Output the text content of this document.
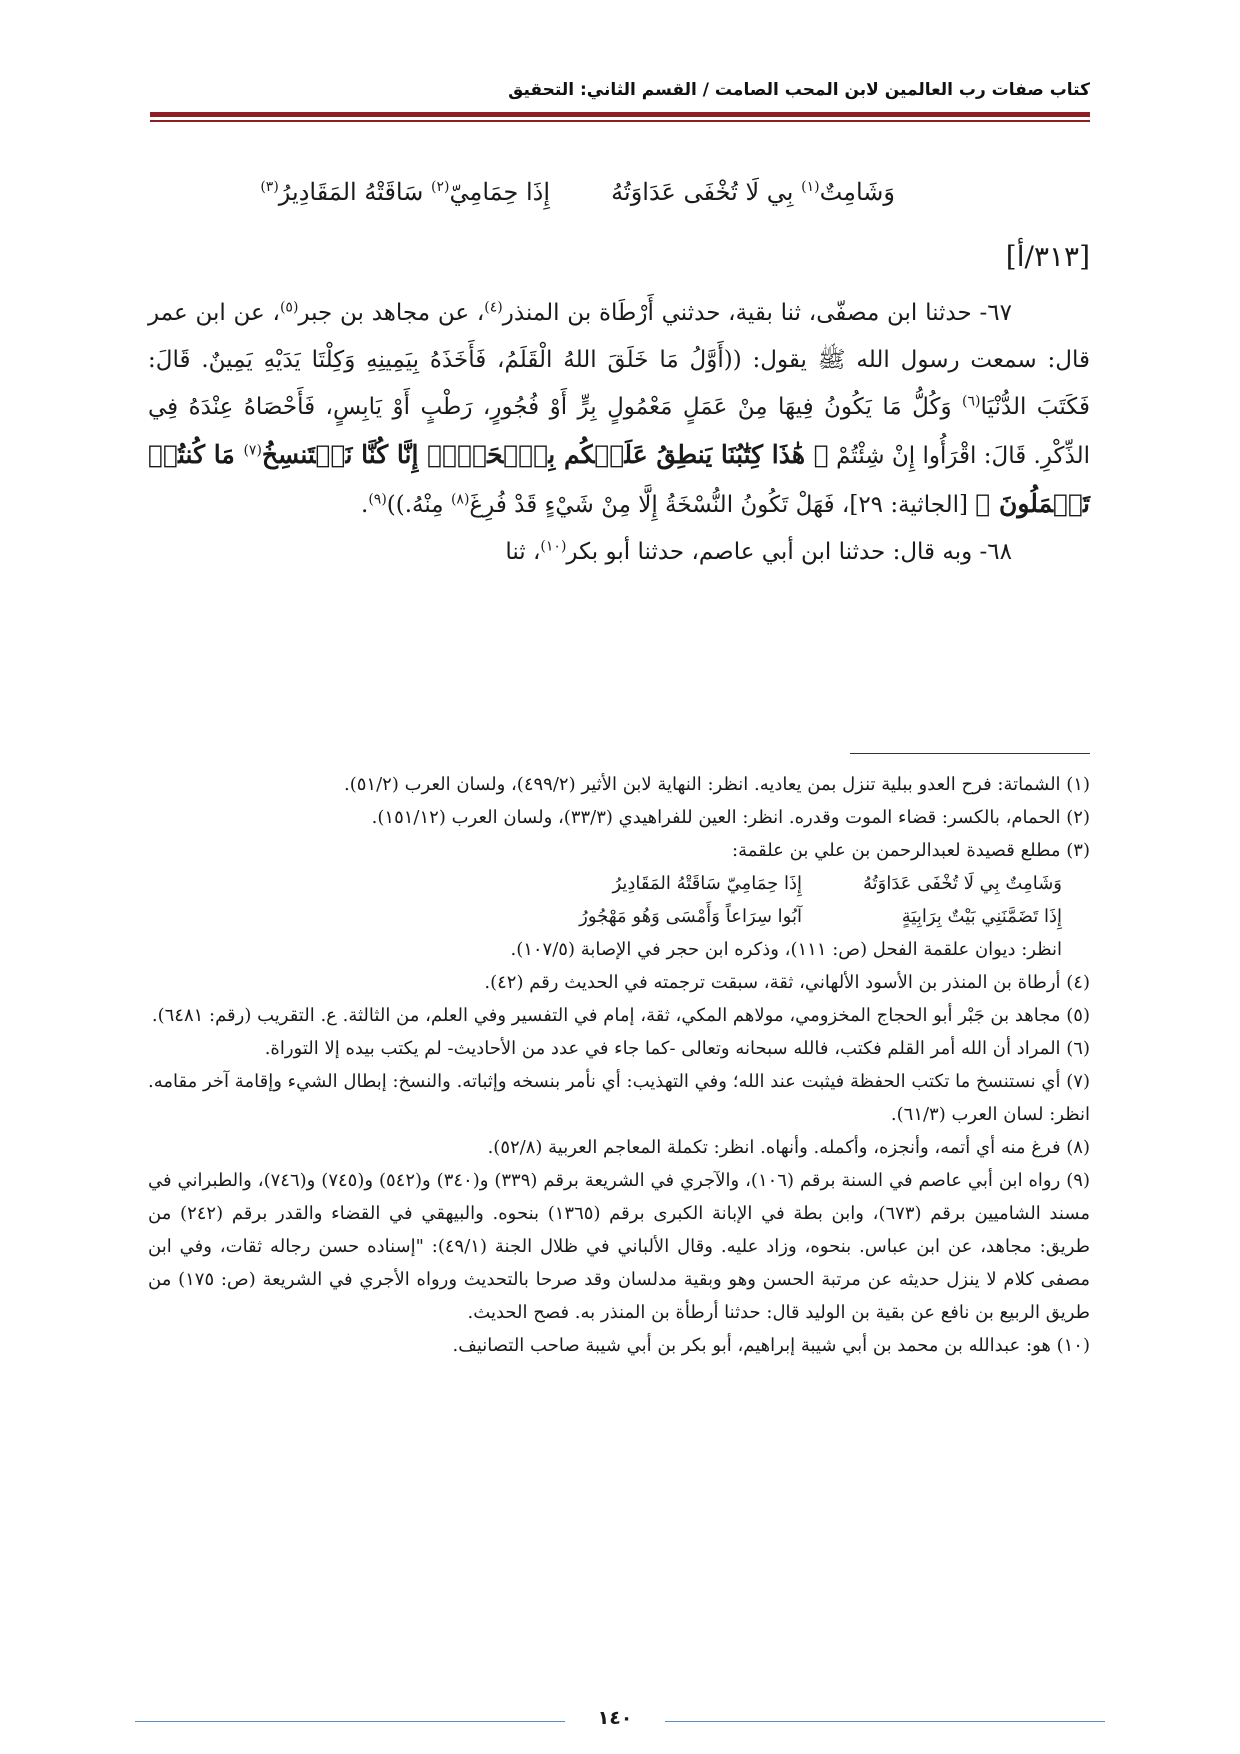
كتاب صفات رب العالمين لابن المحب الصامت / القسم الثاني: التحقيق
وَشَامِتٌ$^{(١)}$ بِي لَا تُخْفَى عَدَاوَتُهُ
إِذَا حِمَامِيّ$^{(٢)}$ سَاقَتْهُ المَقَادِيرُ$^{(٣)}$
[٣١٣/أ]

٦٧- حدثنا ابن مصفّى، ثنا بقية، حدثني أَرْطَاة بن المنذر$^{(٤)}$، عن مجاهد بن جبر$^{(٥)}$، عن ابن عمر قال: سمعت رسول الله ﷺ يقول: ((أَوَّلُ مَا خَلَقَ اللهُ الْقَلَمُ، فَأَخَذَهُ بِيَمِينِهِ وَكِلْتَا يَدَيْهِ يَمِينٌ. قَالَ: فَكَتَبَ الدُّنْيَا$^{(٦)}$ وَكُلُّ مَا يَكُونُ فِيهَا مِنْ عَمَلٍ مَعْمُولٍ بِرٍّ أَوْ فُجُورٍ، رَطْبٍ أَوْ يَابِسٍ، فَأَحْصَاهُ عِنْدَهُ فِي الذِّكْرِ. قَالَ: اقْرَأُوا إِنْ شِئْتُمْ ﴿ هَٰذَا كِتَٰبُنَا يَنطِقُ عَلَيۡكُم بِٱلۡحَقِّۚ إِنَّا كُنَّا نَسۡتَنسِخُ$^{(٧)}$ مَا كُنتُمۡ تَعۡمَلُونَ ﴾ [الجاثية: ٢٩]، فَهَلْ تَكُونُ النُّسْخَةُ إِلَّا مِنْ شَيْءٍ قَدْ فُرِغَ$^{(٨)}$ مِنْهُ.))$^{(٩)}$.

٦٨- وبه قال: حدثنا ابن أبي عاصم، حدثنا أبو بكر$^{(١٠)}$، ثنا

(١) الشماتة: فرح العدو ببلية تنزل بمن يعاديه. انظر: النهاية لابن الأثير (٤٩٩/٢)، ولسان العرب (٥١/٢).

(٢) الحمام، بالكسر: قضاء الموت وقدره. انظر: العين للفراهيدي (٣٣/٣)، ولسان العرب (١٥١/١٢).

(٣) مطلع قصيدة لعبدالرحمن بن علي بن علقمة:

وَشَامِتٌ بِي لَا تُخْفَى عَدَاوَتُهُإِذَا حِمَامِيّ سَاقَتْهُ المَقَادِيرُ

إِذَا تَضَمَّنَنِي بَيْتٌ بِرَابِيَةٍآبُوا سِرَاعاً وَأَمْسَى وَهُو مَهْجُورُ

انظر: ديوان علقمة الفحل (ص: ١١١)، وذكره ابن حجر في الإصابة (١٠٧/٥).

(٤) أرطاة بن المنذر بن الأسود الألهاني، ثقة، سبقت ترجمته في الحديث رقم (٤٢).

(٥) مجاهد بن جَبْر أبو الحجاج المخزومي، مولاهم المكي، ثقة، إمام في التفسير وفي العلم، من الثالثة. ع. التقريب (رقم: ٦٤٨١).

(٦) المراد أن الله أمر القلم فكتب، فالله سبحانه وتعالى -كما جاء في عدد من الأحاديث- لم يكتب بيده إلا التوراة.

(٧) أي نستنسخ ما تكتب الحفظة فيثبت عند الله؛ وفي التهذيب: أي نأمر بنسخه وإثباته. والنسخ: إبطال الشيء وإقامة آخر مقامه. انظر: لسان العرب (٦١/٣).

(٨) فرغ منه أي أتمه، وأنجزه، وأكمله. وأنهاه. انظر: تكملة المعاجم العربية (٥٢/٨).

(٩) رواه ابن أبي عاصم في السنة برقم (١٠٦)، والآجري في الشريعة برقم (٣٣٩) و(٣٤٠) و(٥٤٢) و(٧٤٥) و(٧٤٦)، والطبراني في مسند الشاميين برقم (٦٧٣)، وابن بطة في الإبانة الكبرى برقم (١٣٦٥) بنحوه. والبيهقي في القضاء والقدر برقم (٢٤٢) من طريق: مجاهد، عن ابن عباس. بنحوه، وزاد عليه. وقال الألباني في ظلال الجنة (٤٩/١): "إسناده حسن رجاله ثقات، وفي ابن مصفى كلام لا ينزل حديثه عن مرتبة الحسن وهو وبقية مدلسان وقد صرحا بالتحديث ورواه الأجري في الشريعة (ص: ١٧٥) من طريق الربيع بن نافع عن بقية بن الوليد قال: حدثنا أرطأة بن المنذر به. فصح الحديث.

(١٠) هو: عبدالله بن محمد بن أبي شيبة إبراهيم، أبو بكر بن أبي شيبة صاحب التصانيف.

١٤٠
